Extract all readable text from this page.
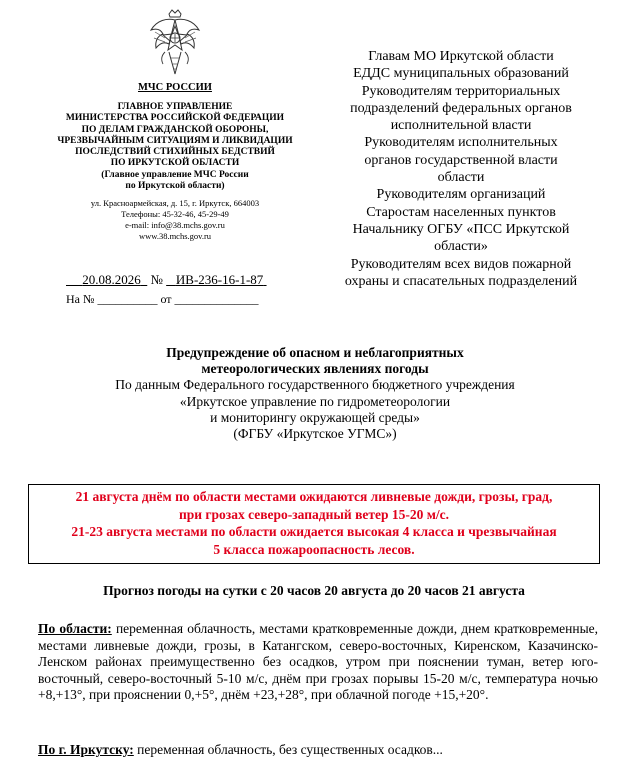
МЧС РОССИИ
ГЛАВНОЕ УПРАВЛЕНИЕ
МИНИСТЕРСТВА РОССИЙСКОЙ ФЕДЕРАЦИИ
ПО ДЕЛАМ ГРАЖДАНСКОЙ ОБОРОНЫ,
ЧРЕЗВЫЧАЙНЫМ СИТУАЦИЯМ И ЛИКВИДАЦИИ
ПОСЛЕДСТВИЙ СТИХИЙНЫХ БЕДСТВИЙ
ПО ИРКУТСКОЙ ОБЛАСТИ
(Главное управление МЧС России
по Иркутской области)
ул. Красноармейская, д. 15, г. Иркутск, 664003
Телефоны: 45-32-46, 45-29-49
e-mail: info@38.mchs.gov.ru
www.38.mchs.gov.ru
20.08.2026 № ИВ-236-16-1-87
На № __________ от ______________
Главам МО Иркутской области
ЕДДС муниципальных образований
Руководителям территориальных
подразделений федеральных органов
исполнительной власти
Руководителям исполнительных
органов государственной власти
области
Руководителям организаций
Старостам населенных пунктов
Начальнику ОГБУ «ПСС Иркутской
области»
Руководителям всех видов пожарной
охраны и спасательных подразделений
Предупреждение об опасном и неблагоприятных
метеорологических явлениях погоды
По данным Федерального государственного бюджетного учреждения
«Иркутское управление по гидрометеорологии
и мониторингу окружающей среды»
(ФГБУ «Иркутское УГМС»)
21 августа днём по области местами ожидаются ливневые дожди, грозы, град,
при грозах северо-западный ветер 15-20 м/с.
21-23 августа местами по области ожидается высокая 4 класса и чрезвычайная
5 класса пожароопасность лесов.
Прогноз погоды на сутки с 20 часов 20 августа до 20 часов 21 августа
По области: переменная облачность, местами кратковременные дожди, днем кратковременные, местами ливневые дожди, грозы, в Катангском, северо-восточных, Киренском, Казачинско-Ленском районах преимущественно без осадков, утром при пояснении туман, ветер юго-восточный, северо-восточный 5-10 м/с, днём при грозах порывы 15-20 м/с, температура ночью +8,+13°, при прояснении 0,+5°, днём +23,+28°, при облачной погоде +15,+20°.
По г. Иркутску: переменная облачность, без существенных осадков...
